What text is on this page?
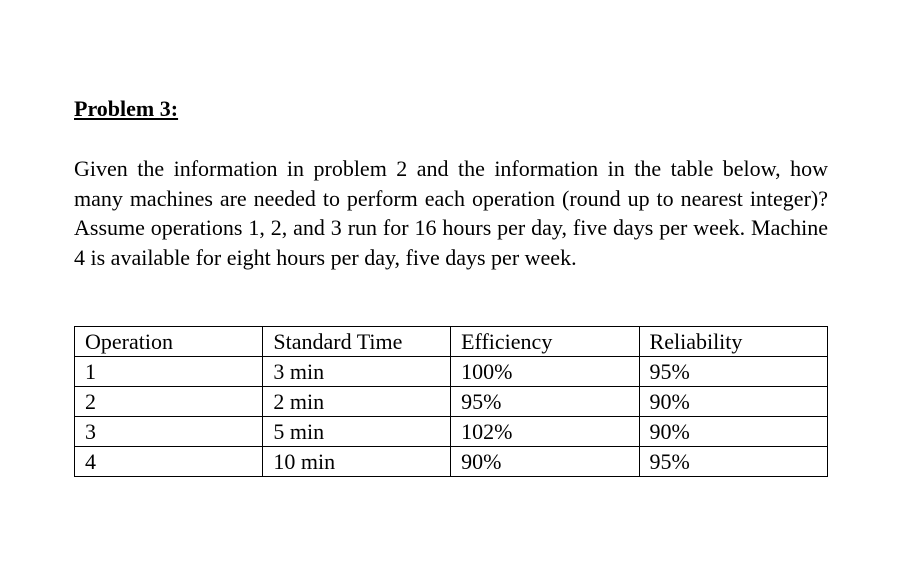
Problem 3:

Given the information in problem 2 and the information in the table below, how many machines are needed to perform each operation (round up to nearest integer)? Assume operations 1, 2, and 3 run for 16 hours per day, five days per week. Machine 4 is available for eight hours per day, five days per week.

Operation	Standard Time	Efficiency	Reliability
1	3 min	100%	95%
2	2 min	95%	90%
3	5 min	102%	90%
4	10 min	90%	95%
